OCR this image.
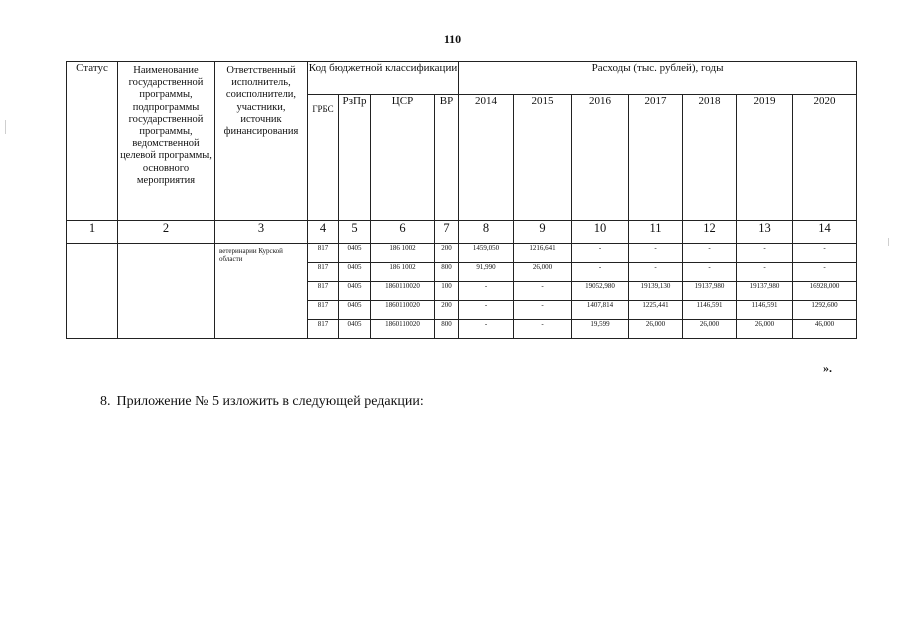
110
Статус	Наименование государственной программы, подпрограммы государственной программы, ведомственной целевой программы, основного мероприятия	Ответственный исполнитель, соисполнители, участники, источник финансирования	Код бюджетной классификации				Расходы (тыс. рублей), годы						
			ГРБС	РзПр	ЦСР	ВР	2014	2015	2016	2017	2018	2019	2020
1	2	3	4	5	6	7	8	9	10	11	12	13	14
		ветеринарии Курской области	817	0405	186 1002	200	1459,050	1216,641	-	-	-	-	-
			817	0405	186 1002	800	91,990	26,000	-	-	-	-	-
			817	0405	1860110020	100	-	-	19052,980	19139,130	19137,980	19137,980	16928,000
			817	0405	1860110020	200	-	-	1407,814	1225,441	1146,591	1146,591	1292,600
			817	0405	1860110020	800	-	-	19,599	26,000	26,000	26,000	46,000
».
8. Приложение № 5 изложить в следующей редакции:
